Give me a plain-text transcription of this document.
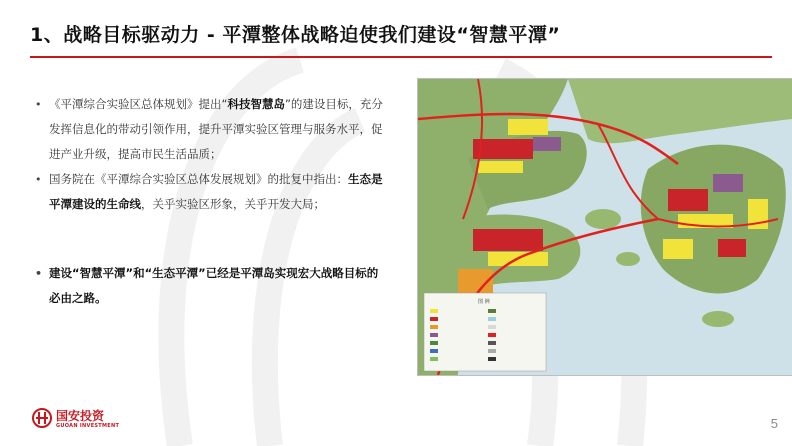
1、战略目标驱动力 - 平潭整体战略迫使我们建设“智慧平潭”
• 《平潭综合实验区总体规划》提出“科技智慧岛”的建设目标，充分发挥信息化的带动引领作用，提升平潭实验区管理与服务水平，促进产业升级，提高市民生活品质；
• 国务院在《平潭综合实验区总体发展规划》的批复中指出：生态是平潭建设的生命线，关乎实验区形象，关乎开发大局；
• 建设“智慧平潭”和“生态平潭”已经是平潭岛实现宏大战略目标的必由之路。	图 例
国安投资
GUOAN INVESTMENT	5
